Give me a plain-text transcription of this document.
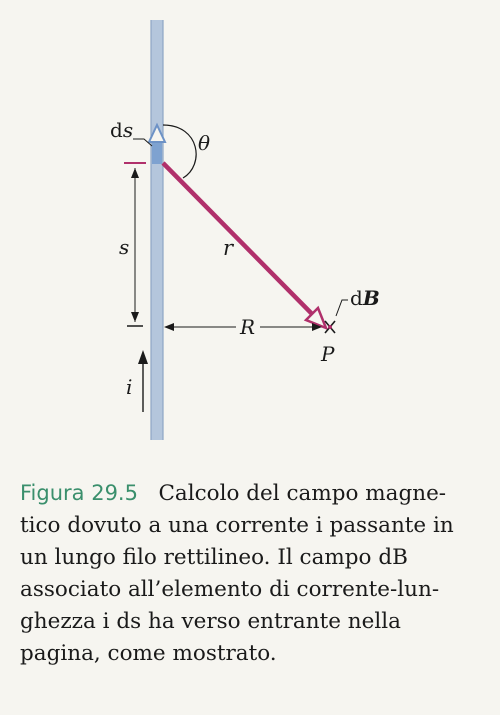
ds
θ
s	r
dB
R
P
i
Figura 29.5 Calcolo del campo magne-
tico dovuto a una corrente i passante in
un lungo filo rettilineo. Il campo dB
associato all’elemento di corrente-lun-
ghezza i ds ha verso entrante nella
pagina, come mostrato.
